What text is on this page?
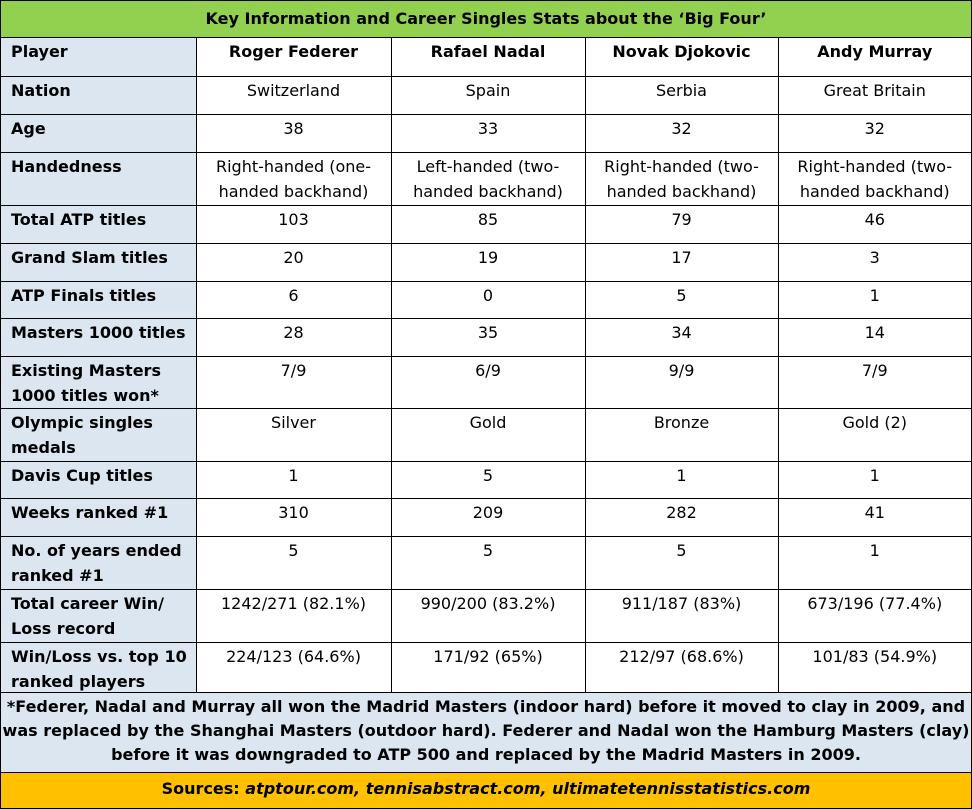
Key Information and Career Singles Stats about the ‘Big Four’
Player	Roger Federer	Rafael Nadal	Novak Djokovic	Andy Murray
Nation	Switzerland	Spain	Serbia	Great Britain
Age	38	33	32	32
Handedness	Right-handed (one-handed backhand)	Left-handed (two-handed backhand)	Right-handed (two-handed backhand)	Right-handed (two-handed backhand)
Total ATP titles	103	85	79	46
Grand Slam titles	20	19	17	3
ATP Finals titles	6	0	5	1
Masters 1000 titles	28	35	34	14
Existing Masters 1000 titles won*	7/9	6/9	9/9	7/9
Olympic singles medals	Silver	Gold	Bronze	Gold (2)
Davis Cup titles	1	5	1	1
Weeks ranked #1	310	209	282	41
No. of years ended ranked #1	5	5	5	1
Total career Win/ Loss record	1242/271 (82.1%)	990/200 (83.2%)	911/187 (83%)	673/196 (77.4%)
Win/Loss vs. top 10 ranked players	224/123 (64.6%)	171/92 (65%)	212/97 (68.6%)	101/83 (54.9%)
*Federer, Nadal and Murray all won the Madrid Masters (indoor hard) before it moved to clay in 2009, and was replaced by the Shanghai Masters (outdoor hard). Federer and Nadal won the Hamburg Masters (clay) before it was downgraded to ATP 500 and replaced by the Madrid Masters in 2009.
Sources: atptour.com, tennisabstract.com, ultimatetennisstatistics.com
